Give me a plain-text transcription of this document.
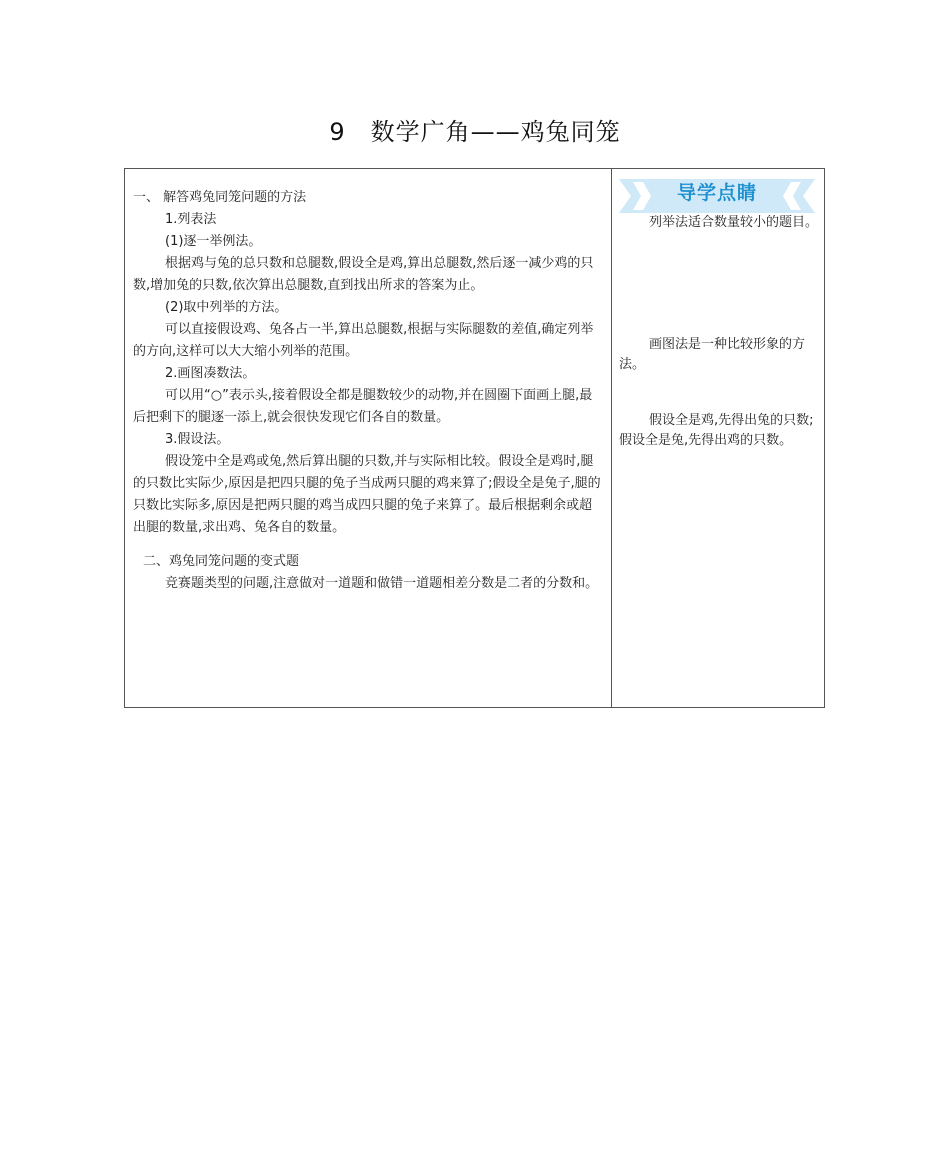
9　数学广角——鸡兔同笼

一、 解答鸡兔同笼问题的方法

1.列表法

(1)逐一举例法。

根据鸡与兔的总只数和总腿数,假设全是鸡,算出总腿数,然后逐一减少鸡的只数,增加兔的只数,依次算出总腿数,直到找出所求的答案为止。

(2)取中列举的方法。

可以直接假设鸡、兔各占一半,算出总腿数,根据与实际腿数的差值,确定列举的方向,这样可以大大缩小列举的范围。

2.画图凑数法。

可以用“○”表示头,接着假设全都是腿数较少的动物,并在圆圈下面画上腿,最后把剩下的腿逐一添上,就会很快发现它们各自的数量。

3.假设法。

假设笼中全是鸡或兔,然后算出腿的只数,并与实际相比较。假设全是鸡时,腿的只数比实际少,原因是把四只腿的兔子当成两只腿的鸡来算了;假设全是兔子,腿的只数比实际多,原因是把两只腿的鸡当成四只腿的兔子来算了。最后根据剩余或超出腿的数量,求出鸡、兔各自的数量。

二、鸡兔同笼问题的变式题

竞赛题类型的问题,注意做对一道题和做错一道题相差分数是二者的分数和。

导学点睛

列举法适合数量较小的题目。

画图法是一种比较形象的方法。

假设全是鸡,先得出兔的只数;假设全是兔,先得出鸡的只数。
